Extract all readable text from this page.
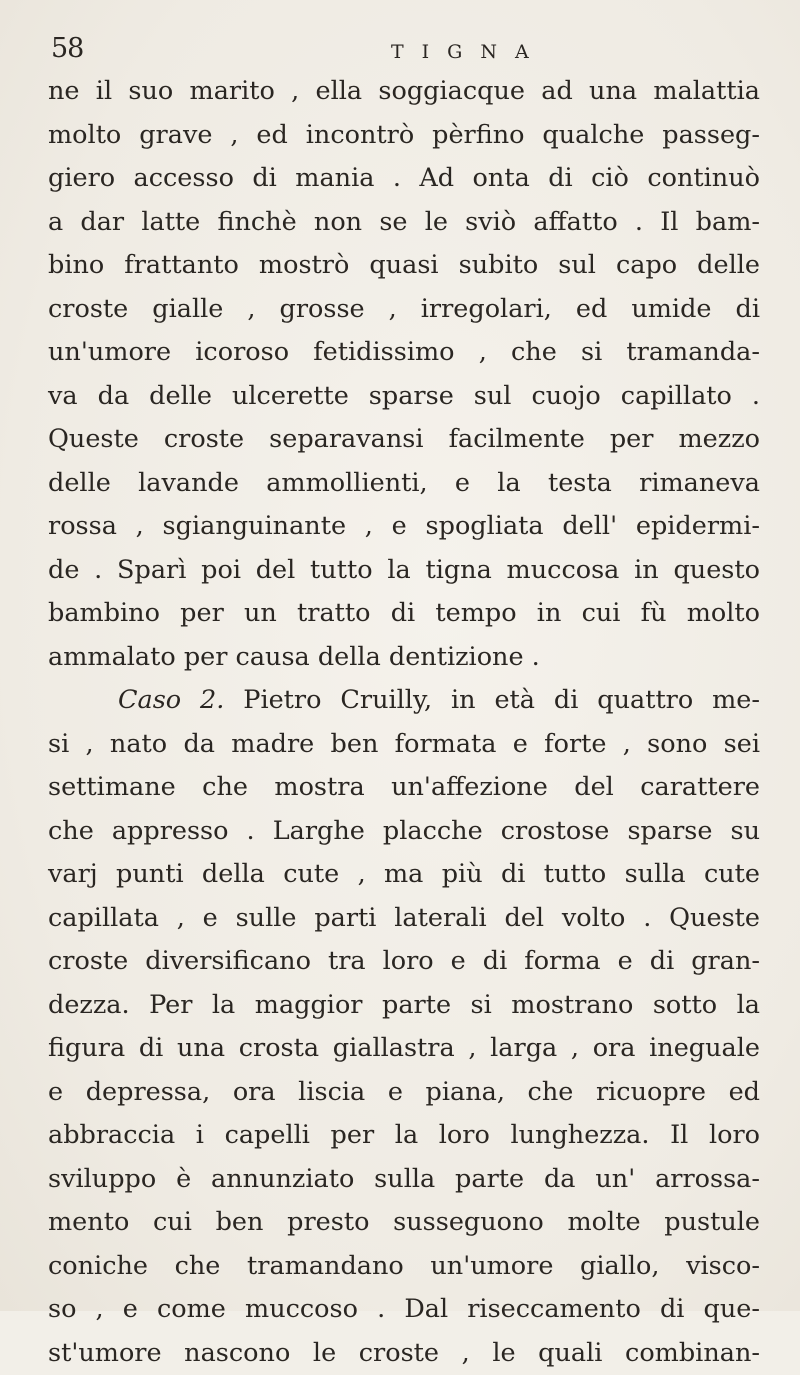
58	TIGNA
ne il suo marito , ella soggiacque ad una malattia
molto grave , ed incontrò pèrfino qualche passeg-
giero accesso di mania . Ad onta di ciò continuò
a dar latte finchè non se le sviò affatto . Il bam-
bino frattanto mostrò quasi subito sul capo delle
croste gialle , grosse , irregolari, ed umide di
un'umore icoroso fetidissimo , che si tramanda-
va da delle ulcerette sparse sul cuojo capillato .
Queste croste separavansi facilmente per mezzo
delle lavande ammollienti, e la testa rimaneva
rossa , sgianguinante , e spogliata dell' epidermi-
de . Sparì poi del tutto la tigna muccosa in questo
bambino per un tratto di tempo in cui fù molto
ammalato per causa della dentizione .
Caso 2. Pietro Cruilly, in età di quattro me-
si , nato da madre ben formata e forte , sono sei
settimane che mostra un'affezione del carattere
che appresso . Larghe placche crostose sparse su
varj punti della cute , ma più di tutto sulla cute
capillata , e sulle parti laterali del volto . Queste
croste diversificano tra loro e di forma e di gran-
dezza. Per la maggior parte si mostrano sotto la
figura di una crosta giallastra , larga , ora ineguale
e depressa, ora liscia e piana, che ricuopre ed
abbraccia i capelli per la loro lunghezza. Il loro
sviluppo è annunziato sulla parte da un' arrossa-
mento cui ben presto susseguono molte pustule
coniche che tramandano un'umore giallo, visco-
so , e come muccoso . Dal riseccamento di que-
st'umore nascono le croste , le quali combinan-
